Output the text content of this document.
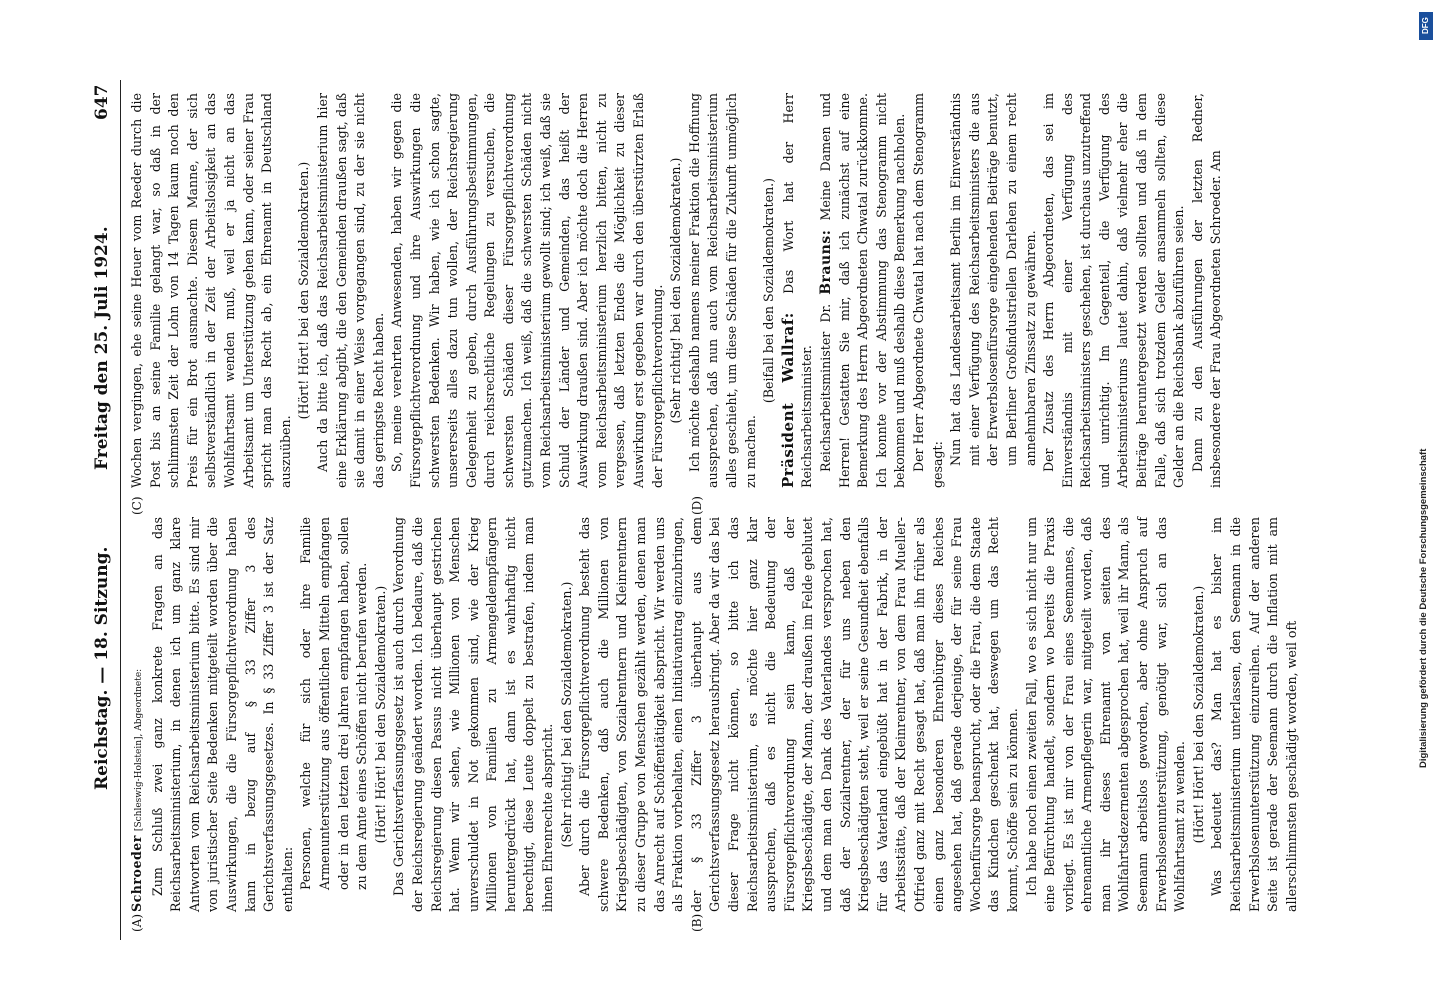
Reichstag. — 18. Sitzung.
Freitag den 25. Juli 1924.
647

Schroeder [Schleswig-Holstein], Abgeordnete: Zum Schluß zwei ganz konkrete Fragen an das Reichsarbeitsministerium, in denen ich um ganz klare Antworten vom Reichsarbeitsministerium bitte. Es sind mir von juristischer Seite Bedenken mitgeteilt worden über die Auswirkungen, die die Fürsorgepflichtverordnung haben kann in bezug auf § 33 Ziffer 3 des Gerichtsverfassungsgesetzes. In § 33 Ziffer 3 ist der Satz enthalten: Personen, welche für sich oder ihre Familie Armenunterstützung aus öffentlichen Mitteln empfangen oder in den letzten drei Jahren empfangen haben, sollen zu dem Amte eines Schöffen nicht berufen werden. (Hört! Hört! bei den Sozialdemokraten.) Das Gerichtsverfassungsgesetz ist auch durch Verordnung der Reichsregierung geändert worden. Ich bedaure, daß die Reichsregierung diesen Passus nicht überhaupt gestrichen hat. Wenn wir sehen, wie Millionen von Menschen unverschuldet in Not gekommen sind, wie der Krieg Millionen von Familien zu Armengeldempfängern heruntergedrückt hat, dann ist es wahrhaftig nicht berechtigt, diese Leute doppelt zu bestrafen, indem man ihnen Ehrenrechte abspricht. (Sehr richtig! bei den Sozialdemokraten.) Aber durch die Fürsorgepflichtverordnung besteht das schwere Bedenken, daß auch die Millionen von Kriegsbeschädigten, von Sozialrentnern und Kleinrentnern zu dieser Gruppe von Menschen gezählt werden, denen man das Anrecht auf Schöffentätigkeit abspricht. Wir werden uns als Fraktion vorbehalten, einen Initiativantrag einzubringen, der § 33 Ziffer 3 überhaupt aus dem Gerichtsverfassungsgesetz herausbringt. Aber da wir das bei dieser Frage nicht können, so bitte ich das Reichsarbeitsministerium, es möchte hier ganz klar aussprechen, daß es nicht die Bedeutung der Fürsorgepflichtverordnung sein kann, daß der Kriegsbeschädigte, der Mann, der draußen im Felde geblutet und dem man den Dank des Vaterlandes versprochen hat, daß der Sozialrentner, der für uns neben den Kriegsbeschädigten steht, weil er seine Gesundheit ebenfalls für das Vaterland eingebüßt hat in der Fabrik, in der Arbeitsstätte, daß der Kleinrentner, von dem Frau Mueller-Otfried ganz mit Recht gesagt hat, daß man ihn früher als einen ganz besonderen Ehrenbürger dieses Reiches angesehen hat, daß gerade derjenige, der für seine Frau Wochenfürsorge beansprucht, oder die Frau, die dem Staate das Kindchen geschenkt hat, deswegen um das Recht kommt, Schöffe sein zu können. Ich habe noch einen zweiten Fall, wo es sich nicht nur um eine Befürchtung handelt, sondern wo bereits die Praxis vorliegt. Es ist mir von der Frau eines Seemannes, die ehrenamtliche Armenpflegerin war, mitgeteilt worden, daß man ihr dieses Ehrenamt von seiten des Wohlfahrtsdezernenten abgesprochen hat, weil ihr Mann, als Seemann arbeitslos geworden, aber ohne Anspruch auf Erwerbslosenunterstützung, genötigt war, sich an das Wohlfahrtsamt zu wenden. (Hört! Hört! bei den Sozialdemokraten.) Was bedeutet das? Man hat es bisher im Reichsarbeitsministerium unterlassen, den Seemann in die Erwerbslosenunterstützung einzureihen. Auf der anderen Seite ist gerade der Seemann durch die Inflation mit am allerschlimmsten geschädigt worden, weil oft

Wochen vergingen, ehe seine Heuer vom Reeder durch die Post bis an seine Familie gelangt war, so daß in der schlimmsten Zeit der Lohn von 14 Tagen kaum noch den Preis für ein Brot ausmachte. Diesem Manne, der sich selbstverständlich in der Zeit der Arbeitslosigkeit an das Wohlfahrtsamt wenden muß, weil er ja nicht an das Arbeitsamt um Unterstützung gehen kann, oder seiner Frau spricht man das Recht ab, ein Ehrenamt in Deutschland auszuüben.

(Hört! Hört! bei den Sozialdemokraten.) Auch da bitte ich, daß das Reichsarbeitsministerium hier eine Erklärung abgibt, die den Gemeinden draußen sagt, daß sie damit in einer Weise vorgegangen sind, zu der sie nicht das geringste Recht haben. So, meine verehrten Anwesenden, haben wir gegen die Fürsorgepflichtverordnung und ihre Auswirkungen die schwersten Bedenken. Wir haben, wie ich schon sagte, unsererseits alles dazu tun wollen, der Reichsregierung Gelegenheit zu geben, durch Ausführungsbestimmungen, durch reichsrechtliche Regelungen zu versuchen, die schwersten Schäden dieser Fürsorgepflichtverordnung gutzumachen. Ich weiß, daß die schwersten Schäden nicht vom Reichsarbeitsministerium gewollt sind; ich weiß, daß sie Schuld der Länder und Gemeinden, das heißt der Auswirkung draußen sind. Aber ich möchte doch die Herren vom Reichsarbeitsministerium herzlich bitten, nicht zu vergessen, daß letzten Endes die Möglichkeit zu dieser Auswirkung erst gegeben war durch den überstürzten Erlaß der Fürsorgepflichtverordnung. (Sehr richtig! bei den Sozialdemokraten.) Ich möchte deshalb namens meiner Fraktion die Hoffnung aussprechen, daß nun auch vom Reichsarbeitsministerium alles geschieht, um diese Schäden für die Zukunft unmöglich zu machen.

(Beifall bei den Sozialdemokraten.) Präsident Wallraf: Das Wort hat der Herr Reichsarbeitsminister. Reichsarbeitsminister Dr. Brauns: Meine Damen und Herren! Gestatten Sie mir, daß ich zunächst auf eine Bemerkung des Herrn Abgeordneten Chwatal zurückkomme. Ich konnte vor der Abstimmung das Stenogramm nicht bekommen und muß deshalb diese Bemerkung nachholen. Der Herr Abgeordnete Chwatal hat nach dem Stenogramm gesagt: Nun hat das Landesarbeitsamt Berlin im Einverständnis mit einer Verfügung des Reichsarbeitsministers die aus der Erwerbslosenfürsorge eingehenden Beiträge benutzt, um Berliner Großindustriellen Darlehen zu einem recht annehmbaren Zinssatz zu gewähren. Der Zusatz des Herrn Abgeordneten, das sei im Einverständnis mit einer Verfügung des Reichsarbeitsministers geschehen, ist durchaus unzutreffend und unrichtig. Im Gegenteil, die Verfügung des Arbeitsministeriums lautet dahin, daß vielmehr eher die Beiträge heruntergesetzt werden sollten und daß in dem Falle, daß sich trotzdem Gelder ansammeln sollten, diese Gelder an die Reichsbank abzuführen seien. Dann zu den Ausführungen der letzten Redner, insbesondere der Frau Abgeordneten Schroeder. Am

(A)	(B)
(C)	(D)
DFG
Digitalisierung gefördert durch die Deutsche Forschungsgemeinschaft
